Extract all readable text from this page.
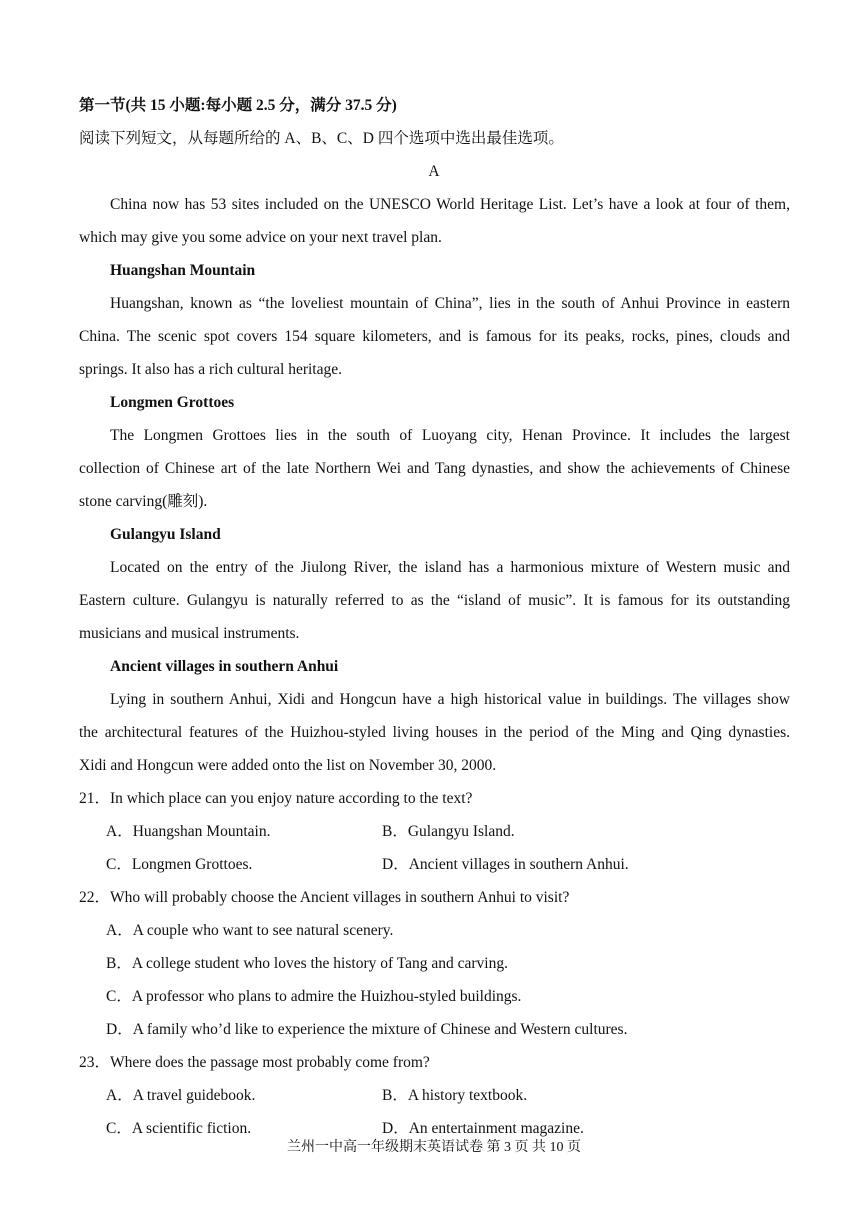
第一节(共 15 小题:每小题 2.5 分，满分 37.5 分)
阅读下列短文，从每题所给的 A、B、C、D 四个选项中选出最佳选项。
A
China now has 53 sites included on the UNESCO World Heritage List. Let’s have a look at four of them,
which may give you some advice on your next travel plan.
Huangshan Mountain
Huangshan, known as “the loveliest mountain of China”, lies in the south of Anhui Province in eastern
China. The scenic spot covers 154 square kilometers, and is famous for its peaks, rocks, pines, clouds and
springs. It also has a rich cultural heritage.
Longmen Grottoes
The Longmen Grottoes lies in the south of Luoyang city, Henan Province. It includes the largest
collection of Chinese art of the late Northern Wei and Tang dynasties, and show the achievements of Chinese
stone carving(雕刻).
Gulangyu Island
Located on the entry of the Jiulong River, the island has a harmonious mixture of Western music and
Eastern culture. Gulangyu is naturally referred to as the “island of music”. It is famous for its outstanding
musicians and musical instruments.
Ancient villages in southern Anhui
Lying in southern Anhui, Xidi and Hongcun have a high historical value in buildings. The villages show
the architectural features of the Huizhou-styled living houses in the period of the Ming and Qing dynasties.
Xidi and Hongcun were added onto the list on November 30, 2000.
21．In which place can you enjoy nature according to the text?
A．Huangshan Mountain.	B．Gulangyu Island.
C．Longmen Grottoes.	D．Ancient villages in southern Anhui.
22．Who will probably choose the Ancient villages in southern Anhui to visit?
A．A couple who want to see natural scenery.
B．A college student who loves the history of Tang and carving.
C．A professor who plans to admire the Huizhou-styled buildings.
D．A family who’d like to experience the mixture of Chinese and Western cultures.
23．Where does the passage most probably come from?
A．A travel guidebook.	B．A history textbook.
C．A scientific fiction.	D．An entertainment magazine.
兰州一中高一年级期末英语试卷 第 3 页 共 10 页
